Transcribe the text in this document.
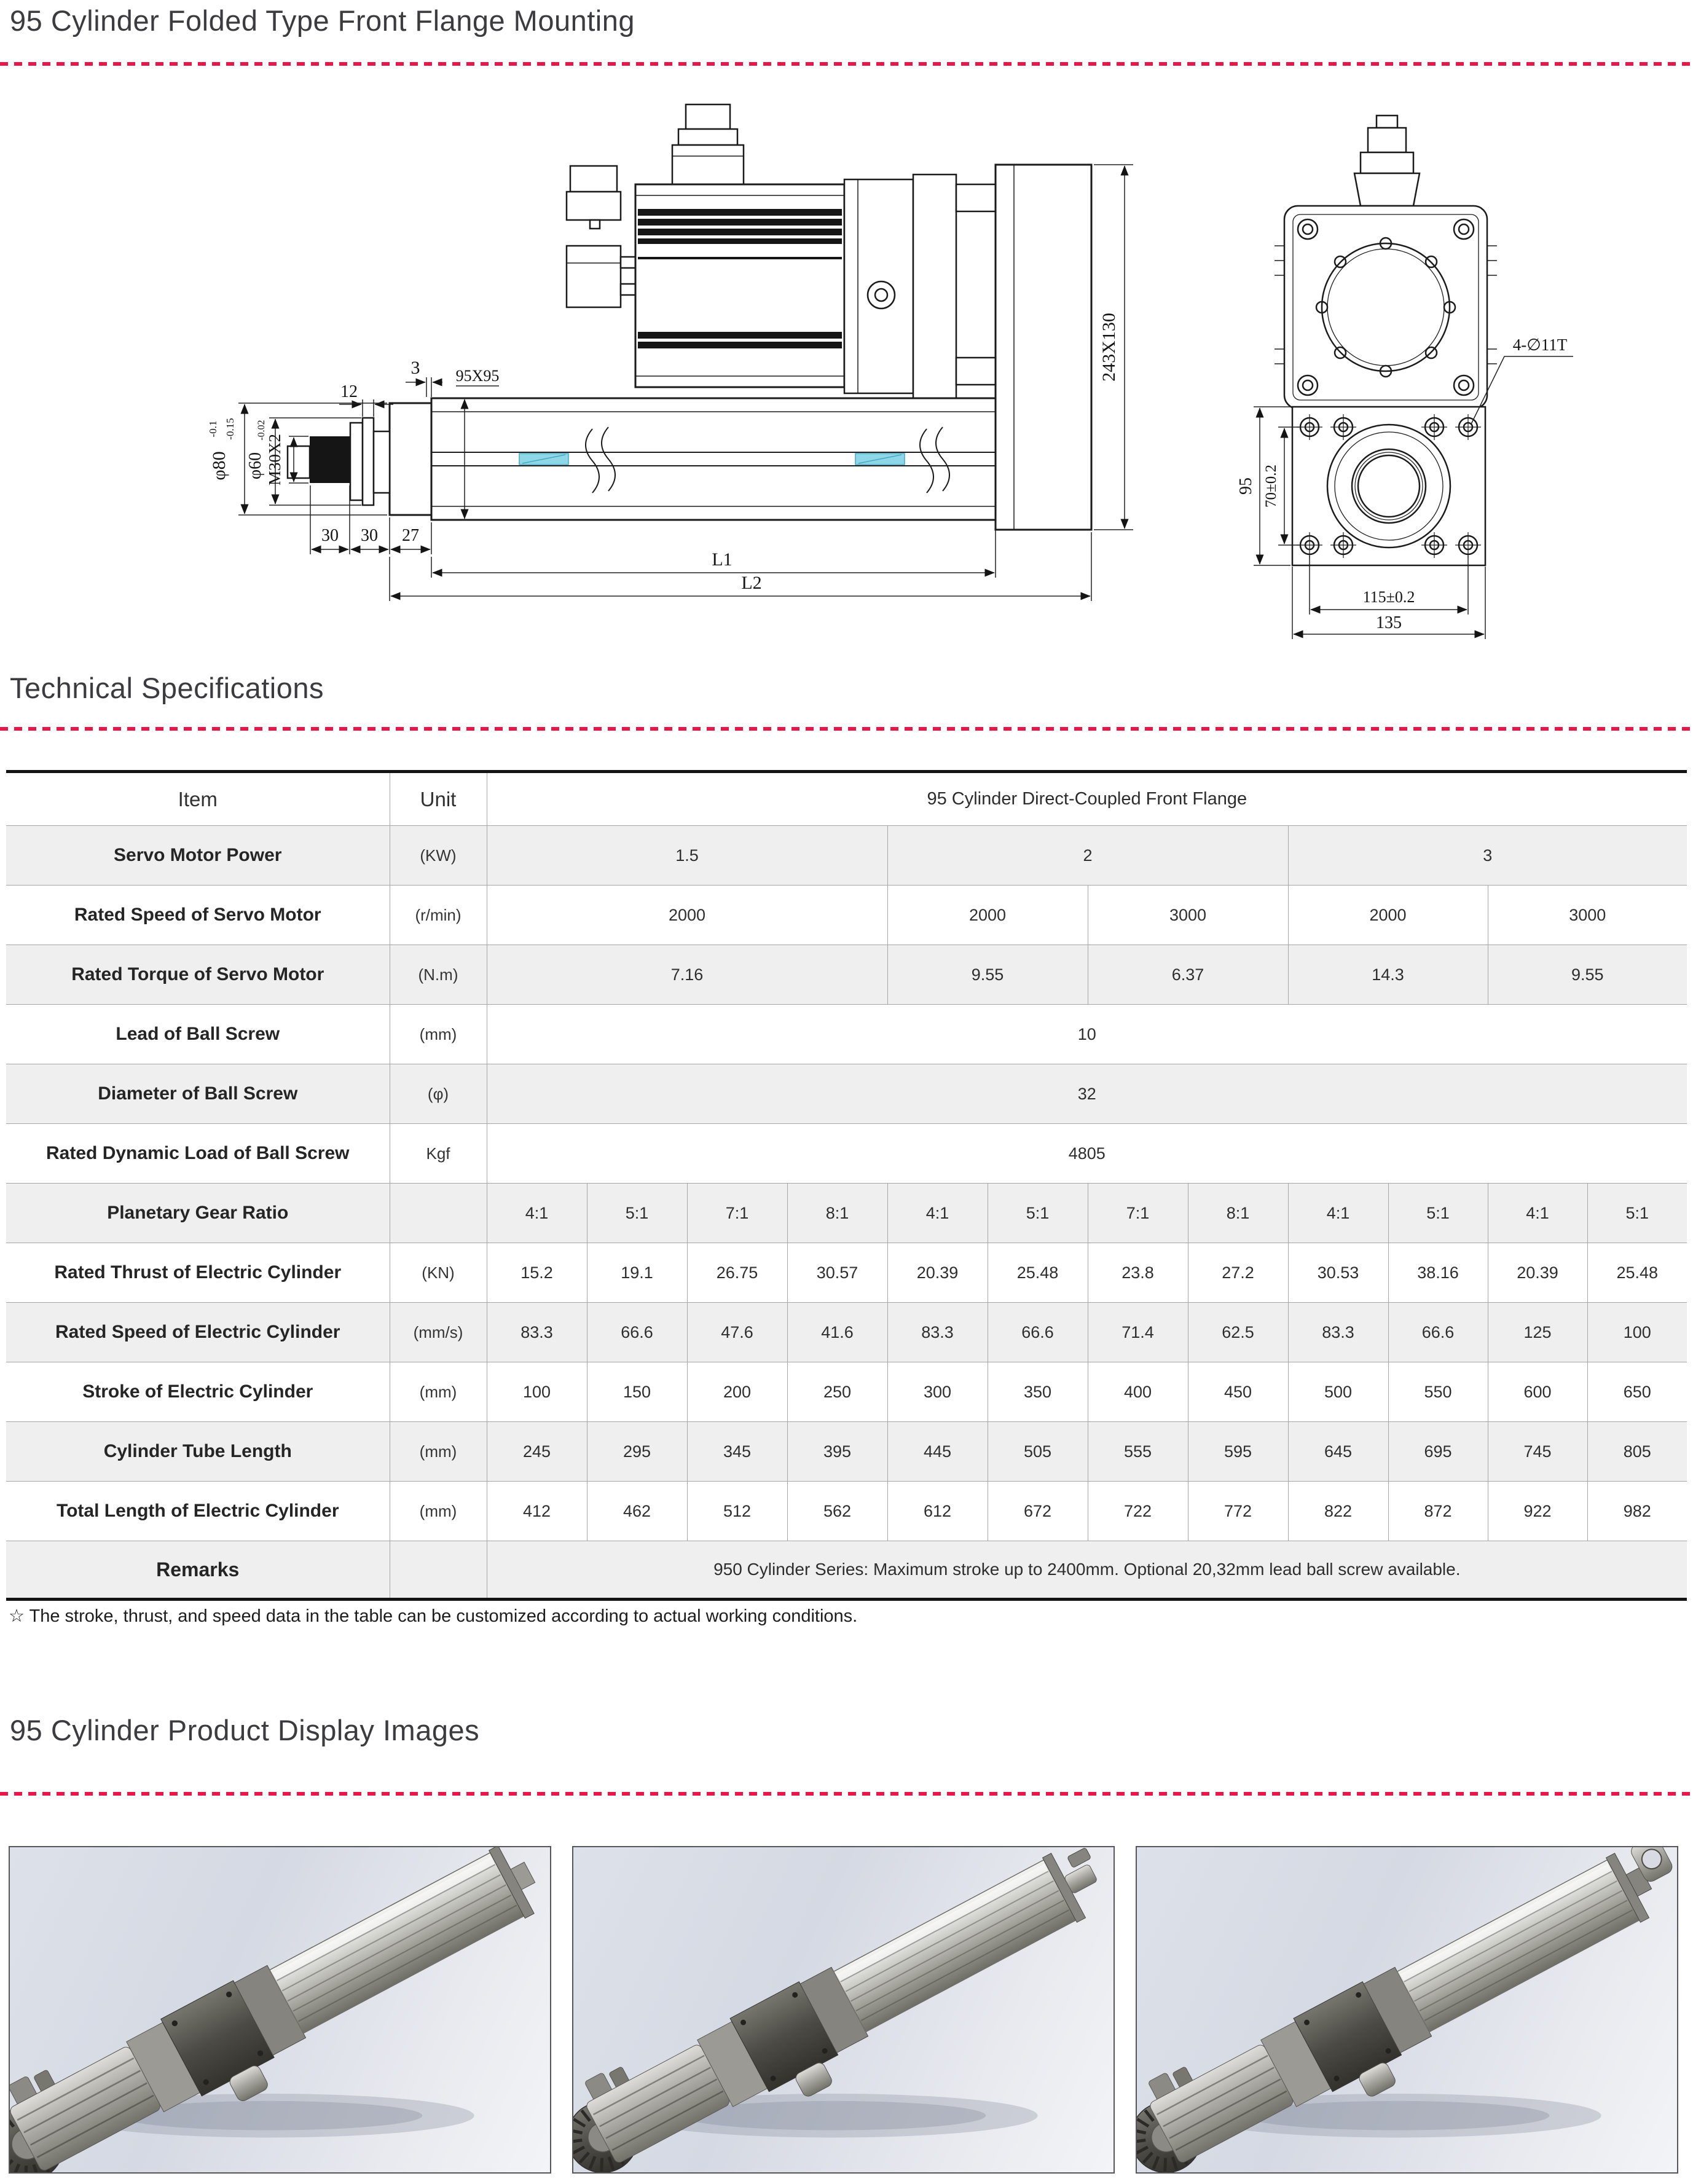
95 Cylinder Folded Type Front Flange Mounting
12
3 95X95
φ80
-0.1 -0.15
φ60
-0.02
M30X2
30 30 27
L1
L2
243X130
95 70±0.2
115±0.2
135
4-∅11T
Technical Specifications
Item	Unit	95 Cylinder Direct-Coupled Front Flange											
Servo Motor Power	(KW)	1.5				2				3			
Rated Speed of Servo Motor	(r/min)	2000				2000		3000		2000		3000	
Rated Torque of Servo Motor	(N.m)	7.16				9.55		6.37		14.3		9.55	
Lead of Ball Screw	(mm)	10											
Diameter of Ball Screw	(φ)	32											
Rated Dynamic Load of Ball Screw	Kgf	4805											
Planetary Gear Ratio		4:1	5:1	7:1	8:1	4:1	5:1	7:1	8:1	4:1	5:1	4:1	5:1
Rated Thrust of Electric Cylinder	(KN)	15.2	19.1	26.75	30.57	20.39	25.48	23.8	27.2	30.53	38.16	20.39	25.48
Rated Speed of Electric Cylinder	(mm/s)	83.3	66.6	47.6	41.6	83.3	66.6	71.4	62.5	83.3	66.6	125	100
Stroke of Electric Cylinder	(mm)	100	150	200	250	300	350	400	450	500	550	600	650
Cylinder Tube Length	(mm)	245	295	345	395	445	505	555	595	645	695	745	805
Total Length of Electric Cylinder	(mm)	412	462	512	562	612	672	722	772	822	872	922	982
Remarks		950 Cylinder Series: Maximum stroke up to 2400mm. Optional 20,32mm lead ball screw available.											

☆ The stroke, thrust, and speed data in the table can be customized according to actual working conditions.

95 Cylinder Product Display Images
